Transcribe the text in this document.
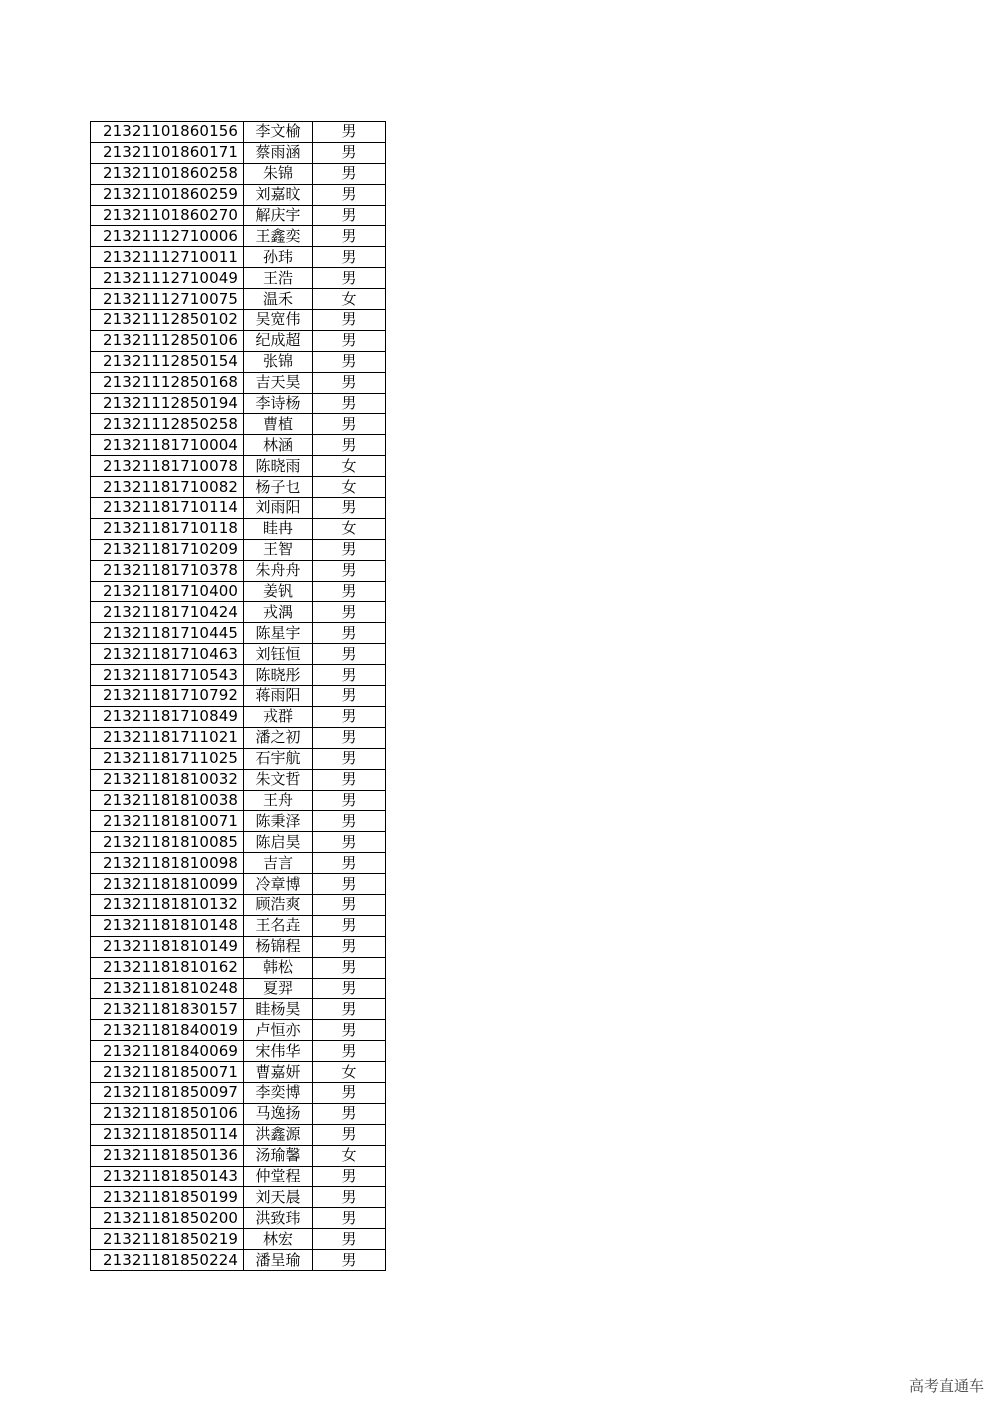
21321101860156	李文榆	男
21321101860171	蔡雨涵	男
21321101860258	朱锦	男
21321101860259	刘嘉旼	男
21321101860270	解庆宇	男
21321112710006	王鑫奕	男
21321112710011	孙玮	男
21321112710049	王浩	男
21321112710075	温禾	女
21321112850102	吴宽伟	男
21321112850106	纪成超	男
21321112850154	张锦	男
21321112850168	吉天昊	男
21321112850194	李诗杨	男
21321112850258	曹植	男
21321181710004	林涵	男
21321181710078	陈晓雨	女
21321181710082	杨子乜	女
21321181710114	刘雨阳	男
21321181710118	眭冉	女
21321181710209	王智	男
21321181710378	朱舟舟	男
21321181710400	姜钒	男
21321181710424	戎湡	男
21321181710445	陈星宇	男
21321181710463	刘钰恒	男
21321181710543	陈晓彤	男
21321181710792	蒋雨阳	男
21321181710849	戎群	男
21321181711021	潘之初	男
21321181711025	石宇航	男
21321181810032	朱文哲	男
21321181810038	王舟	男
21321181810071	陈秉泽	男
21321181810085	陈启昊	男
21321181810098	吉言	男
21321181810099	冷章博	男
21321181810132	顾浩爽	男
21321181810148	王名垚	男
21321181810149	杨锦程	男
21321181810162	韩松	男
21321181810248	夏羿	男
21321181830157	眭杨昊	男
21321181840019	卢恒亦	男
21321181840069	宋伟华	男
21321181850071	曹嘉妍	女
21321181850097	李奕博	男
21321181850106	马逸扬	男
21321181850114	洪鑫源	男
21321181850136	汤瑜馨	女
21321181850143	仲堂程	男
21321181850199	刘天晨	男
21321181850200	洪致玮	男
21321181850219	林宏	男
21321181850224	潘呈瑜	男
高考直通车
